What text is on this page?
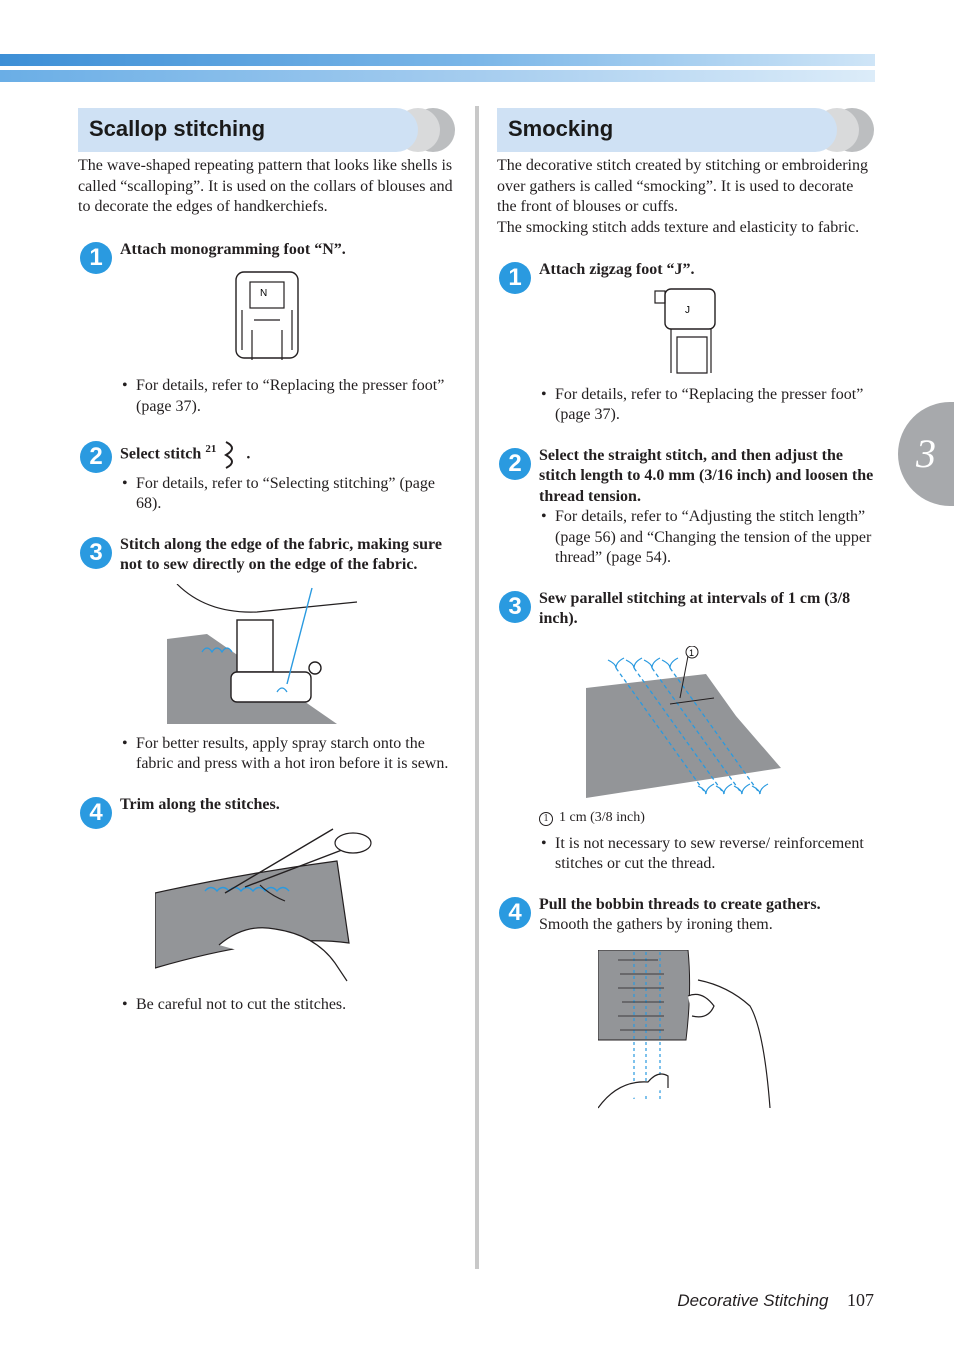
3
Scallop stitching

The wave-shaped repeating pattern that looks like shells is called “scalloping”. It is used on the collars of blouses and to decorate the edges of handkerchiefs.

1	Attach monogramming foot “N”.
N
• For details, refer to “Replacing the presser foot” (page 37).
2	Select stitch $^{21}$ .
• For details, refer to “Selecting stitching” (page 68).
3	Stitch along the edge of the fabric, making sure not to sew directly on the edge of the fabric.
• For better results, apply spray starch onto the fabric and press with a hot iron before it is sewn.
4	Trim along the stitches.
• Be careful not to cut the stitches.
Smocking

The decorative stitch created by stitching or embroidering over gathers is called “smocking”. It is used to decorate the front of blouses or cuffs.

The smocking stitch adds texture and elasticity to fabric.

1	Attach zigzag foot “J”.
J
• For details, refer to “Replacing the presser foot” (page 37).
2	Select the straight stitch, and then adjust the stitch length to 4.0 mm (3/16 inch) and loosen the thread tension.
• For details, refer to “Adjusting the stitch length” (page 56) and “Changing the tension of the upper thread” (page 54).
3	Sew parallel stitching at intervals of 1 cm (3/8 inch).
1
1 1 cm (3/8 inch)
• It is not necessary to sew reverse/ reinforcement stitches or cut the thread.
4	Pull the bobbin threads to create gathers.
Smooth the gathers by ironing them.
Decorative Stitching 107
